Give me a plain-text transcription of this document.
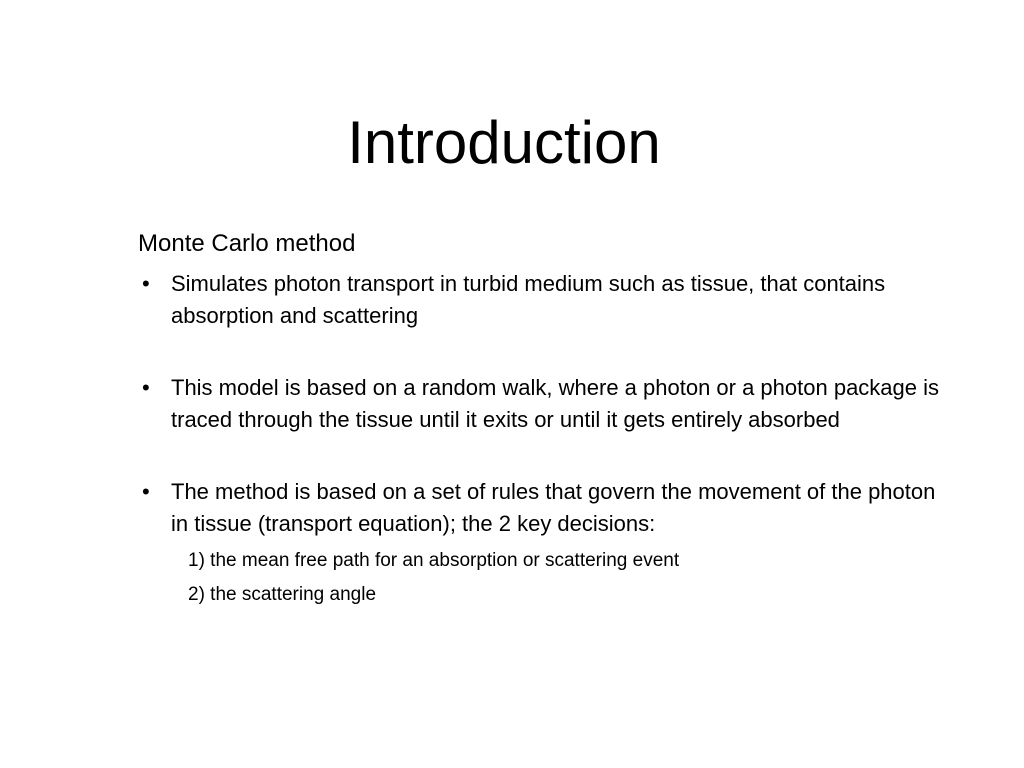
Introduction
Monte Carlo method
• Simulates photon transport in turbid medium such as tissue, that contains absorption and scattering
• This model is based on a random walk, where a photon or a photon package is traced through the tissue until it exits or until it gets entirely absorbed
• The method is based on a set of rules that govern the movement of the photon in tissue (transport equation); the 2 key decisions:
1) the mean free path for an absorption or scattering event
2) the scattering angle
